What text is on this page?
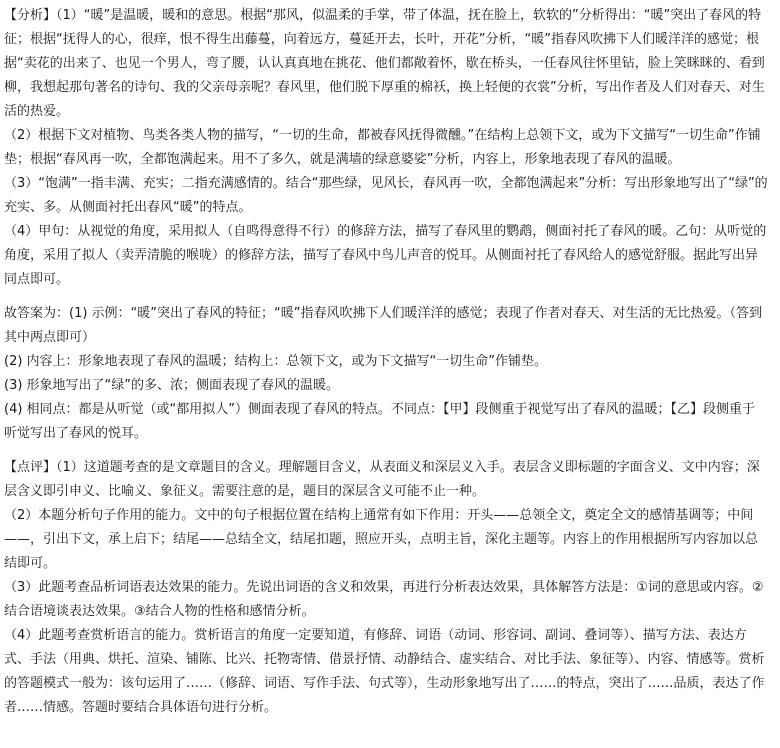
【分析】（1）“暖”是温暖，暖和的意思。根据“那风，似温柔的手掌，带了体温，抚在脸上，软软的”分析得出：“暖”突出了春风的特征；根据“抚得人的心，很痒，恨不得生出藤蔓，向着远方，蔓延开去，长叶，开花”分析，“暖”指春风吹拂下人们暖洋洋的感觉；根据“卖花的出来了、也见一个男人，弯了腰，认认真真地在挑花、他们都敞着怀，歇在桥头，一任春风往怀里钻，脸上笑眯眯的、看到柳，我想起那句著名的诗句、我的父亲母亲呢？春风里，他们脱下厚重的棉袄，换上轻便的衣裳”分析，写出作者及人们对春天、对生活的热爱。

（2）根据下文对植物、鸟类各类人物的描写，“一切的生命，都被春风抚得微醺。”在结构上总领下文，或为下文描写“一切生命”作铺垫；根据“春风再一吹，全都饱满起来。用不了多久，就是满墙的绿意婆娑”分析，内容上，形象地表现了春风的温暖。

（3）“饱满”一指丰满、充实；二指充满感情的。结合“那些绿，见风长，春风再一吹，全都饱满起来”分析：写出形象地写出了“绿”的充实、多。从侧面衬托出春风“暖”的特点。

（4）甲句：从视觉的角度，采用拟人（自鸣得意得不行）的修辞方法，描写了春风里的鹦鹉，侧面衬托了春风的暖。乙句：从听觉的角度，采用了拟人（卖弄清脆的喉咙）的修辞方法，描写了春风中鸟儿声音的悦耳。从侧面衬托了春风给人的感觉舒服。据此写出异同点即可。

故答案为：(1) 示例：“暖”突出了春风的特征；“暖”指春风吹拂下人们暖洋洋的感觉；表现了作者对春天、对生活的无比热爱。（答到其中两点即可）

(2) 内容上：形象地表现了春风的温暖；结构上：总领下文，或为下文描写“一切生命”作铺垫。

(3) 形象地写出了“绿”的多、浓；侧面表现了春风的温暖。

(4) 相同点：都是从听觉（或“都用拟人”）侧面表现了春风的特点。不同点：【甲】段侧重于视觉写出了春风的温暖；【乙】段侧重于听觉写出了春风的悦耳。

【点评】（1）这道题考查的是文章题目的含义。理解题目含义，从表面义和深层义入手。表层含义即标题的字面含义、文中内容；深层含义即引申义、比喻义、象征义。需要注意的是，题目的深层含义可能不止一种。

（2）本题分析句子作用的能力。文中的句子根据位置在结构上通常有如下作用：开头——总领全文，奠定全文的感情基调等；中间——，引出下文，承上启下；结尾——总结全文，结尾扣题，照应开头，点明主旨，深化主题等。内容上的作用根据所写内容加以总结即可。

（3）此题考查品析词语表达效果的能力。先说出词语的含义和效果，再进行分析表达效果，具体解答方法是：①词的意思或内容。②结合语境谈表达效果。③结合人物的性格和感情分析。

（4）此题考查赏析语言的能力。赏析语言的角度一定要知道，有修辞、词语（动词、形容词、副词、叠词等）、描写方法、表达方式、手法（用典、烘托、渲染、铺陈、比兴、托物寄情、借景抒情、动静结合、虚实结合、对比手法、象征等）、内容、情感等。赏析的答题模式一般为：该句运用了……（修辞、词语、写作手法、句式等），生动形象地写出了……的特点，突出了……品质，表达了作者……情感。答题时要结合具体语句进行分析。
